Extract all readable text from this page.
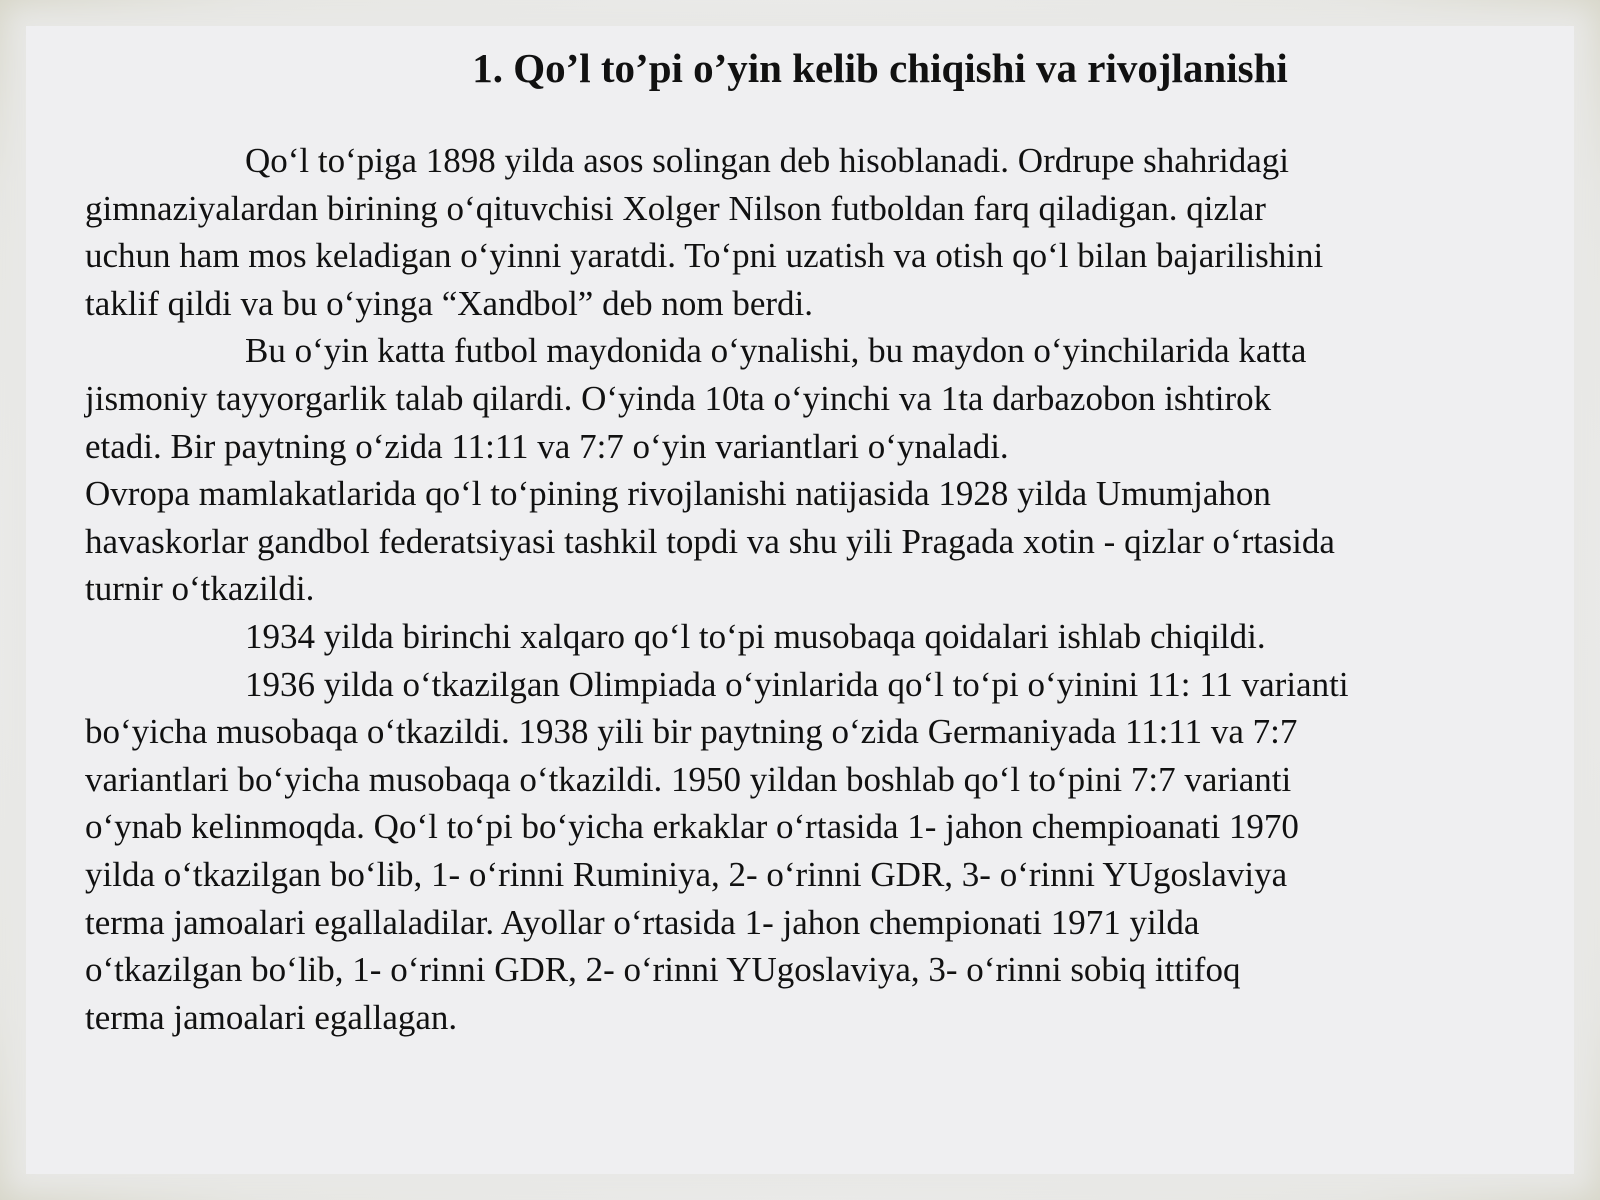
1. Qo’l to’pi o’yin kelib chiqishi va rivojlanishi
Qo‘l to‘piga 1898 yilda asos solingan deb hisoblanadi. Ordrupe shahridagi
gimnaziyalardan birining o‘qituvchisi Xolger Nilson futboldan farq qiladigan. qizlar
uchun ham mos keladigan o‘yinni yaratdi. To‘pni uzatish va otish qo‘l bilan bajarilishini
taklif qildi va bu o‘yinga “Xandbol” deb nom berdi.
Bu o‘yin katta futbol maydonida o‘ynalishi, bu maydon o‘yinchilarida katta
jismoniy tayyorgarlik talab qilardi. O‘yinda 10ta o‘yinchi va 1ta darbazobon ishtirok
etadi. Bir paytning o‘zida 11:11 va 7:7 o‘yin variantlari o‘ynaladi.
Ovropa mamlakatlarida qo‘l to‘pining rivojlanishi natijasida 1928 yilda Umumjahon
havaskorlar gandbol federatsiyasi tashkil topdi va shu yili Pragada xotin - qizlar o‘rtasida
turnir o‘tkazildi.
1934 yilda birinchi xalqaro qo‘l to‘pi musobaqa qoidalari ishlab chiqildi.
1936 yilda o‘tkazilgan Olimpiada o‘yinlarida qo‘l to‘pi o‘yinini 11: 11 varianti
bo‘yicha musobaqa o‘tkazildi. 1938 yili bir paytning o‘zida Germaniyada 11:11 va 7:7
variantlari bo‘yicha musobaqa o‘tkazildi. 1950 yildan boshlab qo‘l to‘pini 7:7 varianti
o‘ynab kelinmoqda. Qo‘l to‘pi bo‘yicha erkaklar o‘rtasida 1- jahon chempioanati 1970
yilda o‘tkazilgan bo‘lib, 1- o‘rinni Ruminiya, 2- o‘rinni GDR, 3- o‘rinni YUgoslaviya
terma jamoalari egallaladilar. Ayollar o‘rtasida 1- jahon chempionati 1971 yilda
o‘tkazilgan bo‘lib, 1- o‘rinni GDR, 2- o‘rinni YUgoslaviya, 3- o‘rinni sobiq ittifoq
terma jamoalari egallagan.
